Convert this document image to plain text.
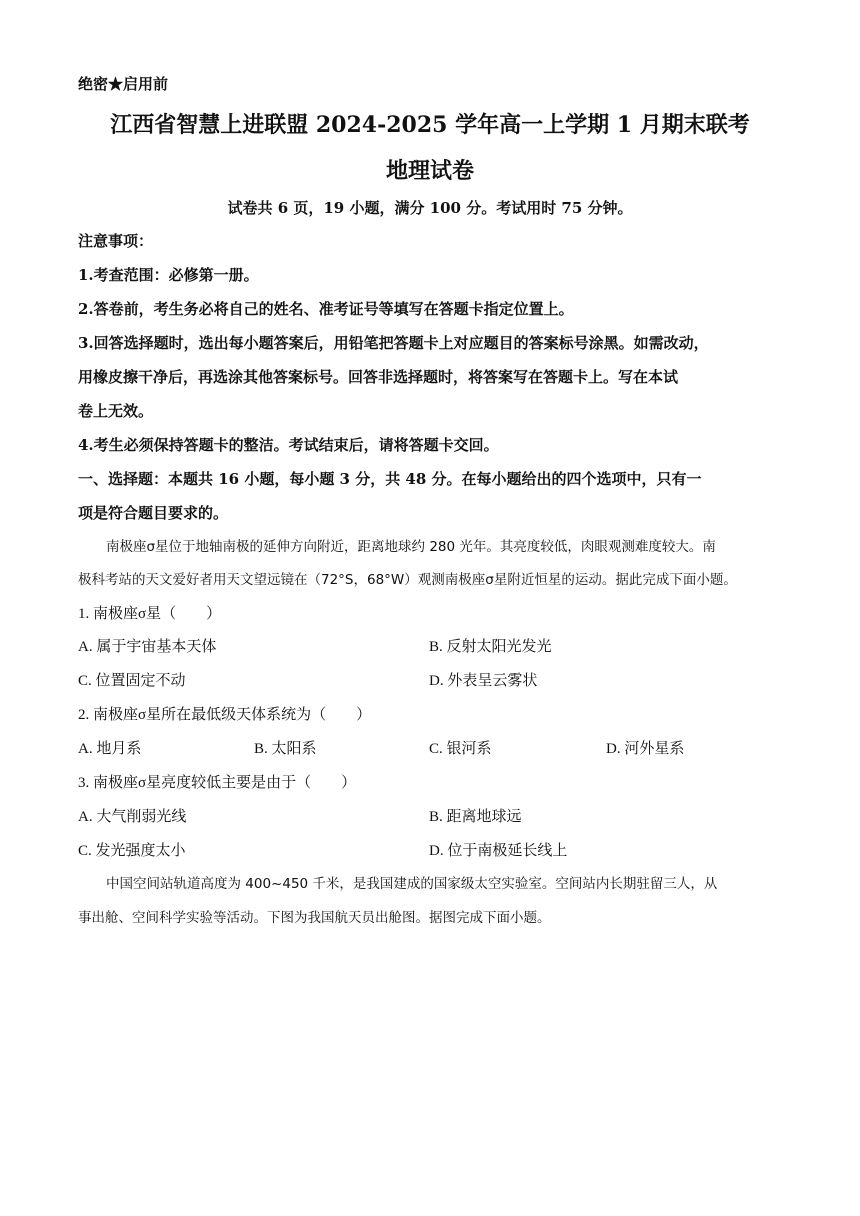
绝密★启用前
江西省智慧上进联盟 2024-2025 学年高一上学期 1 月期末联考
地理试卷
试卷共 6 页，19 小题，满分 100 分。考试用时 75 分钟。
注意事项：
1.考查范围：必修第一册。
2.答卷前，考生务必将自己的姓名、准考证号等填写在答题卡指定位置上。
3.回答选择题时，选出每小题答案后，用铅笔把答题卡上对应题目的答案标号涂黑。如需改动，
用橡皮擦干净后，再选涂其他答案标号。回答非选择题时，将答案写在答题卡上。写在本试
卷上无效。
4.考生必须保持答题卡的整洁。考试结束后，请将答题卡交回。
一、选择题：本题共 16 小题，每小题 3 分，共 48 分。在每小题给出的四个选项中，只有一
项是符合题目要求的。
南极座σ星位于地轴南极的延伸方向附近，距离地球约 280 光年。其亮度较低，肉眼观测难度较大。南
极科考站的天文爱好者用天文望远镜在（72°S，68°W）观测南极座σ星附近恒星的运动。据此完成下面小题。
1. 南极座σ星（　　）
A. 属于宇宙基本天体	B. 反射太阳光发光
C. 位置固定不动	D. 外表呈云雾状
2. 南极座σ星所在最低级天体系统为（　　）
A. 地月系	B. 太阳系	C. 银河系	D. 河外星系
3. 南极座σ星亮度较低主要是由于（　　）
A. 大气削弱光线	B. 距离地球远
C. 发光强度太小	D. 位于南极延长线上
中国空间站轨道高度为 400~450 千米，是我国建成的国家级太空实验室。空间站内长期驻留三人，从
事出舱、空间科学实验等活动。下图为我国航天员出舱图。据图完成下面小题。
